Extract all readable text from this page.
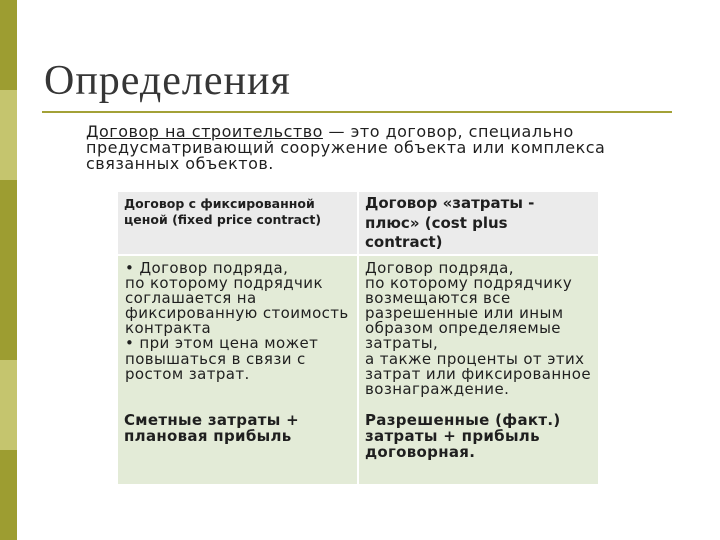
Определения
Договор на строительство — это договор, специально
предусматривающий сооружение объекта или комплекса
связанных объектов.
Договор с фиксированной
ценой (fixed price contract)
Договор «затраты -
плюс» (cost plus
contract)
• Договор подряда,
по которому подрядчик
соглашается на
фиксированную стоимость
контракта
• при этом цена может
повышаться в связи с
ростом затрат.
Сметные затраты +
плановая прибыль
Договор подряда,
по которому подрядчику
возмещаются все
разрешенные или иным
образом определяемые
затраты,
а также проценты от этих
затрат или фиксированное
вознаграждение.
Разрешенные (факт.)
затраты + прибыль
договорная.
